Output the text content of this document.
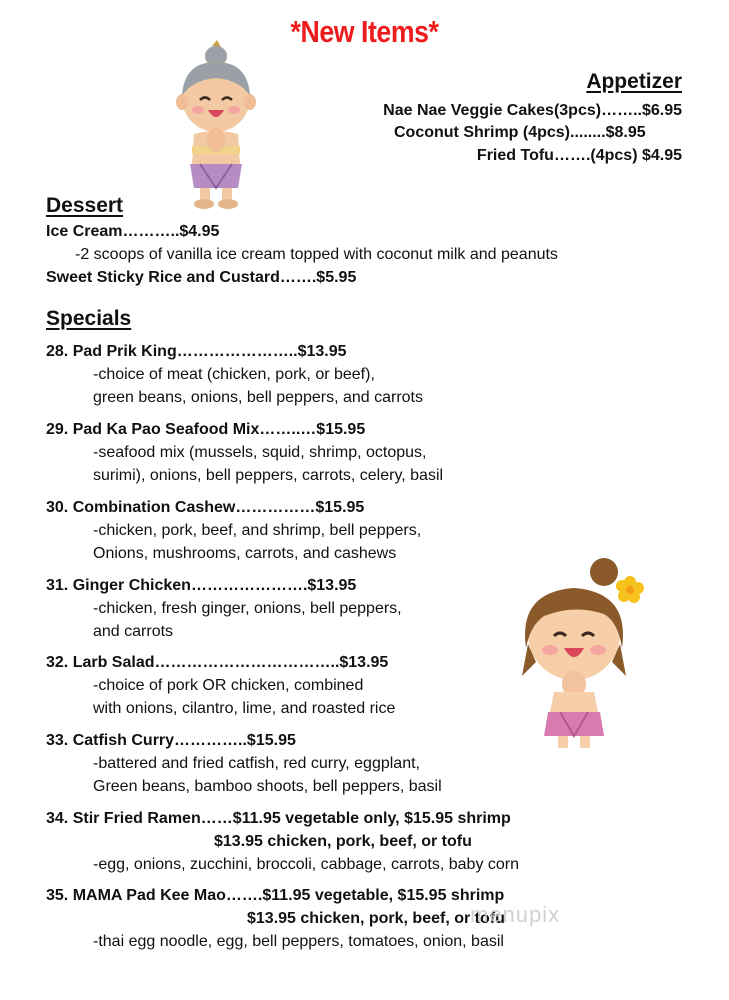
*New Items*
Appetizer
Nae Nae Veggie Cakes(3pcs)……..$6.95
Coconut Shrimp (4pcs)........$8.95
Fried Tofu…….(4pcs) $4.95
Dessert
Ice Cream………..$4.95
-2 scoops of vanilla ice cream topped with coconut milk and peanuts
Sweet Sticky Rice and Custard…….$5.95
Specials
28. Pad Prik King…………………..$13.95
-choice of meat (chicken, pork, or beef),
green beans, onions, bell peppers, and carrots
29. Pad Ka Pao Seafood Mix……..…$15.95
-seafood mix (mussels, squid, shrimp, octopus,
surimi), onions, bell peppers, carrots, celery, basil
30. Combination Cashew……………$15.95
-chicken, pork, beef, and shrimp, bell peppers,
Onions, mushrooms, carrots, and cashews
31. Ginger Chicken………………….$13.95
-chicken, fresh ginger, onions, bell peppers,
and carrots
32. Larb Salad……………………………..$13.95
-choice of pork OR chicken, combined
with onions, cilantro, lime, and roasted rice
33. Catfish Curry…………..$15.95
-battered and fried catfish, red curry, eggplant,
Green beans, bamboo shoots, bell peppers, basil
34. Stir Fried Ramen……$11.95 vegetable only, $15.95 shrimp
$13.95 chicken, pork, beef, or tofu
-egg, onions, zucchini, broccoli, cabbage, carrots, baby corn
35. MAMA Pad Kee Mao…….$11.95 vegetable, $15.95 shrimp
$13.95 chicken, pork, beef, or tofu
-thai egg noodle, egg, bell peppers, tomatoes, onion, basil
menupix
